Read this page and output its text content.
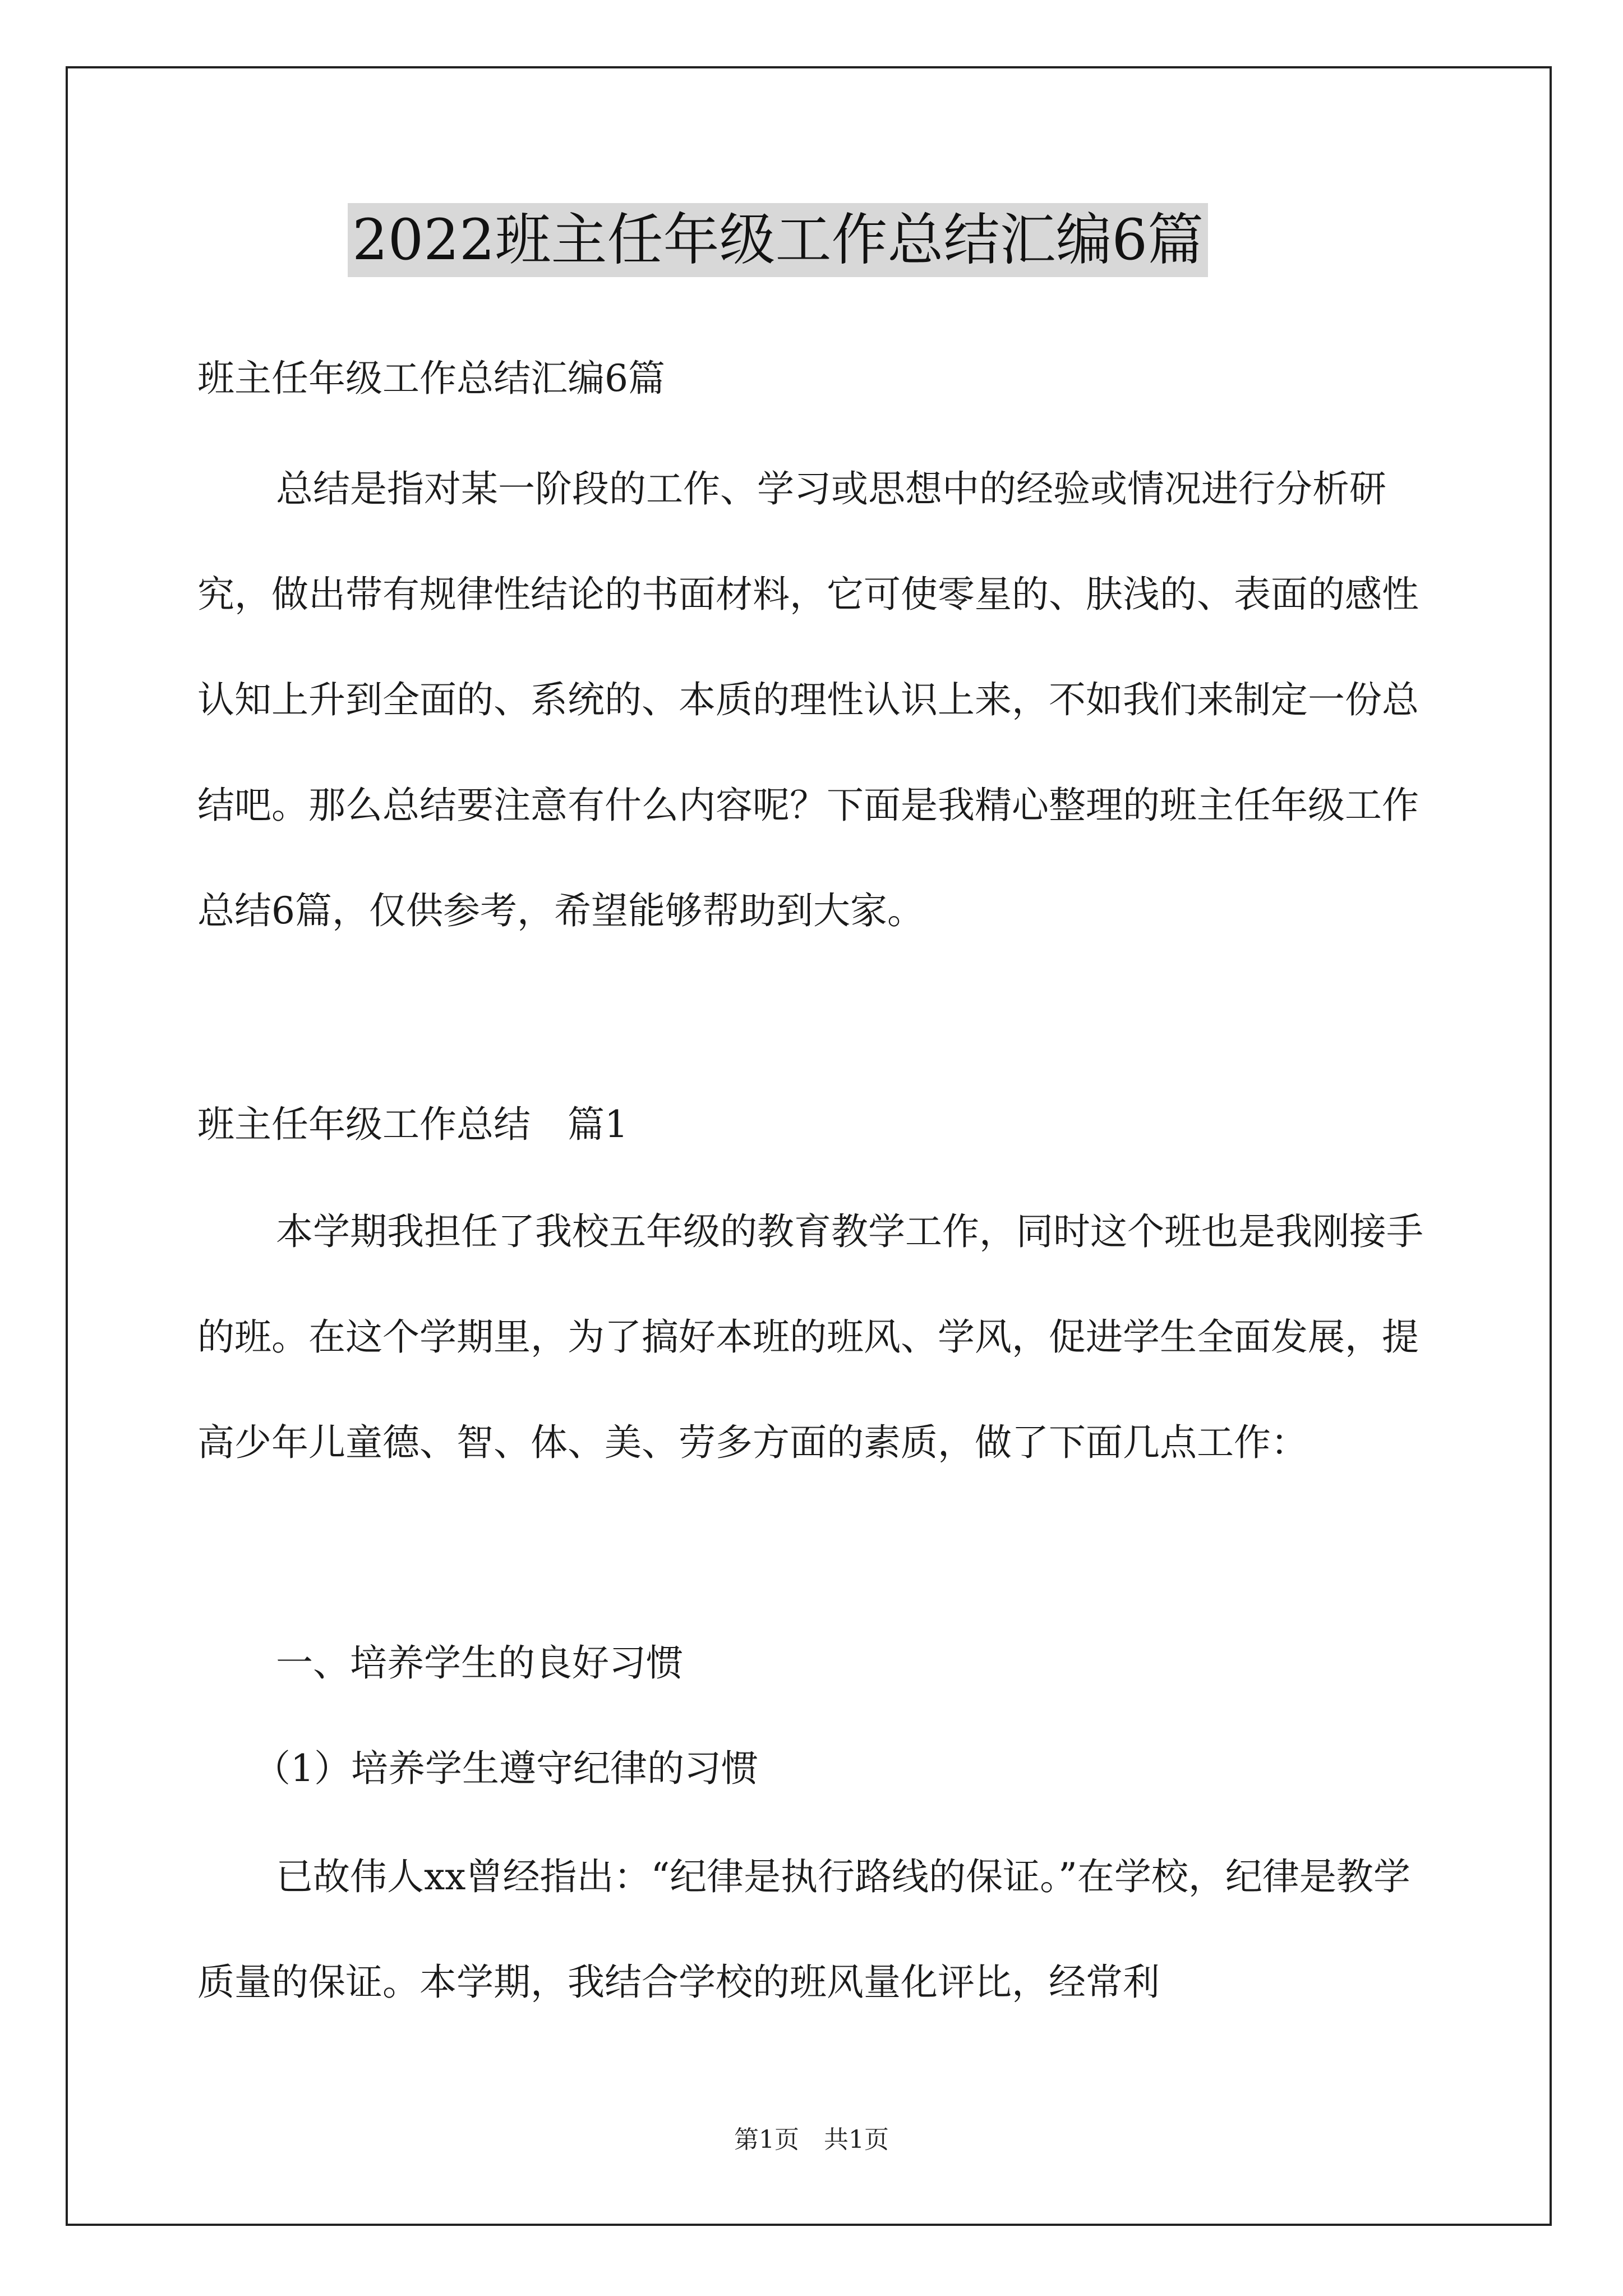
2022班主任年级工作总结汇编6篇
班主任年级工作总结汇编6篇
总结是指对某一阶段的工作、学习或思想中的经验或情况进行分析研究，做出带有规律性结论的书面材料，它可使零星的、肤浅的、表面的感性认知上升到全面的、系统的、本质的理性认识上来，不如我们来制定一份总结吧。那么总结要注意有什么内容呢？下面是我精心整理的班主任年级工作总结6篇，仅供参考，希望能够帮助到大家。
班主任年级工作总结　篇1
本学期我担任了我校五年级的教育教学工作，同时这个班也是我刚接手的班。在这个学期里，为了搞好本班的班风、学风，促进学生全面发展，提高少年儿童德、智、体、美、劳多方面的素质，做了下面几点工作：
一、培养学生的良好习惯
（1）培养学生遵守纪律的习惯
已故伟人xx曾经指出：“纪律是执行路线的保证。”在学校，纪律是教学质量的保证。本学期，我结合学校的班风量化评比，经常利
第1页　共1页
